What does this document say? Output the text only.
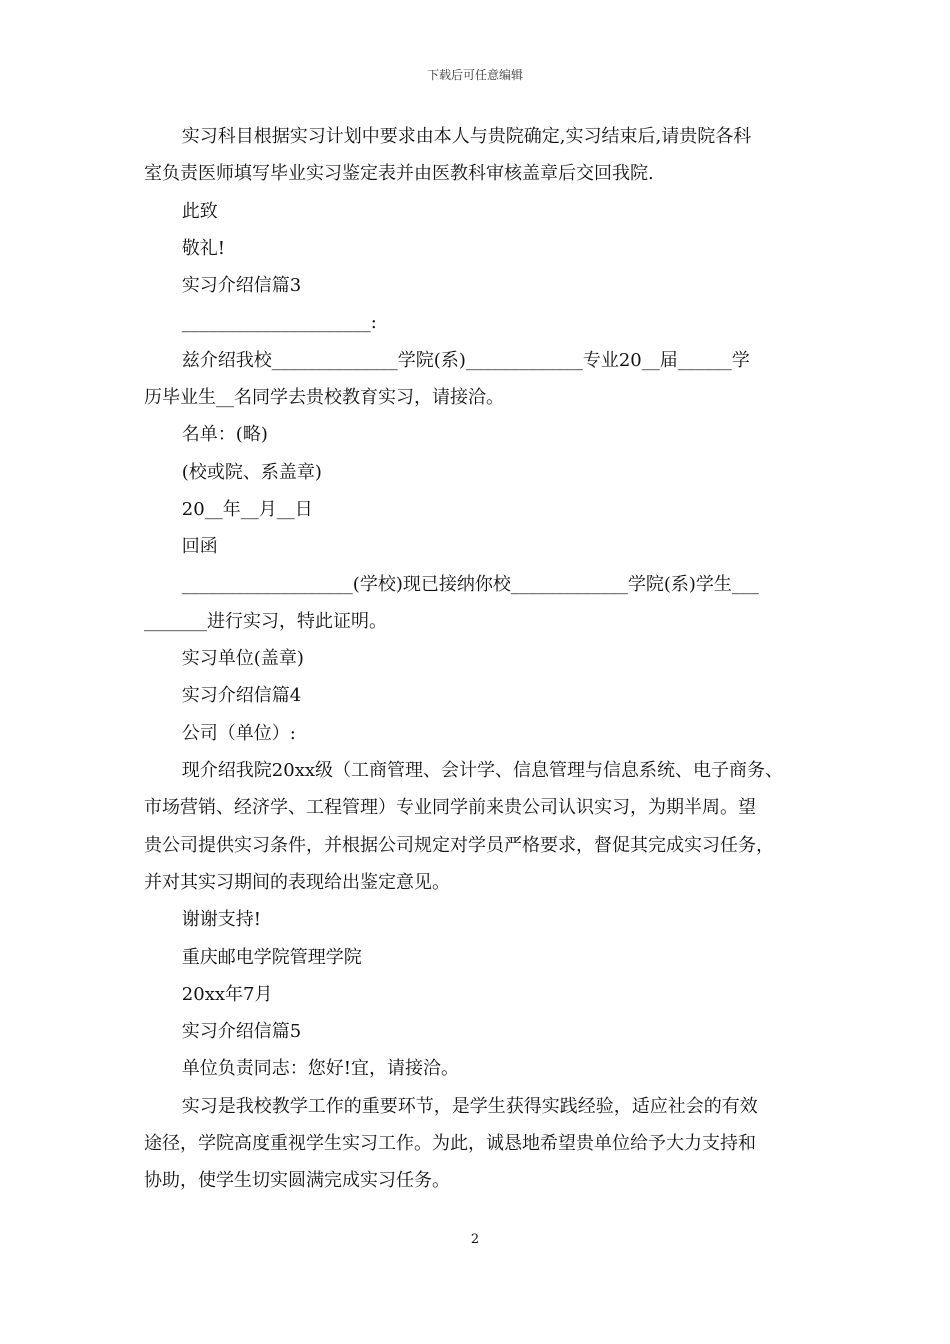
下载后可任意编辑

实习科目根据实习计划中要求由本人与贵院确定,实习结束后,请贵院各科

室负责医师填写毕业实习鉴定表并由医教科审核盖章后交回我院.

此致

敬礼!

实习介绍信篇3

_____________________:

兹介绍我校______________学院(系)_____________专业20__届______学

历毕业生__名同学去贵校教育实习，请接洽。

名单：(略)

(校或院、系盖章)

20__年__月__日

回函

___________________(学校)现已接纳你校_____________学院(系)学生___

_______进行实习，特此证明。

实习单位(盖章)

实习介绍信篇4

公司（单位）:

现介绍我院20xx级（工商管理、会计学、信息管理与信息系统、电子商务、

市场营销、经济学、工程管理）专业同学前来贵公司认识实习，为期半周。望

贵公司提供实习条件，并根据公司规定对学员严格要求，督促其完成实习任务，

并对其实习期间的表现给出鉴定意见。

谢谢支持!

重庆邮电学院管理学院

20xx年7月

实习介绍信篇5

单位负责同志：您好!宜，请接洽。

实习是我校教学工作的重要环节，是学生获得实践经验，适应社会的有效

途径，学院高度重视学生实习工作。为此，诚恳地希望贵单位给予大力支持和

协助，使学生切实圆满完成实习任务。

2
